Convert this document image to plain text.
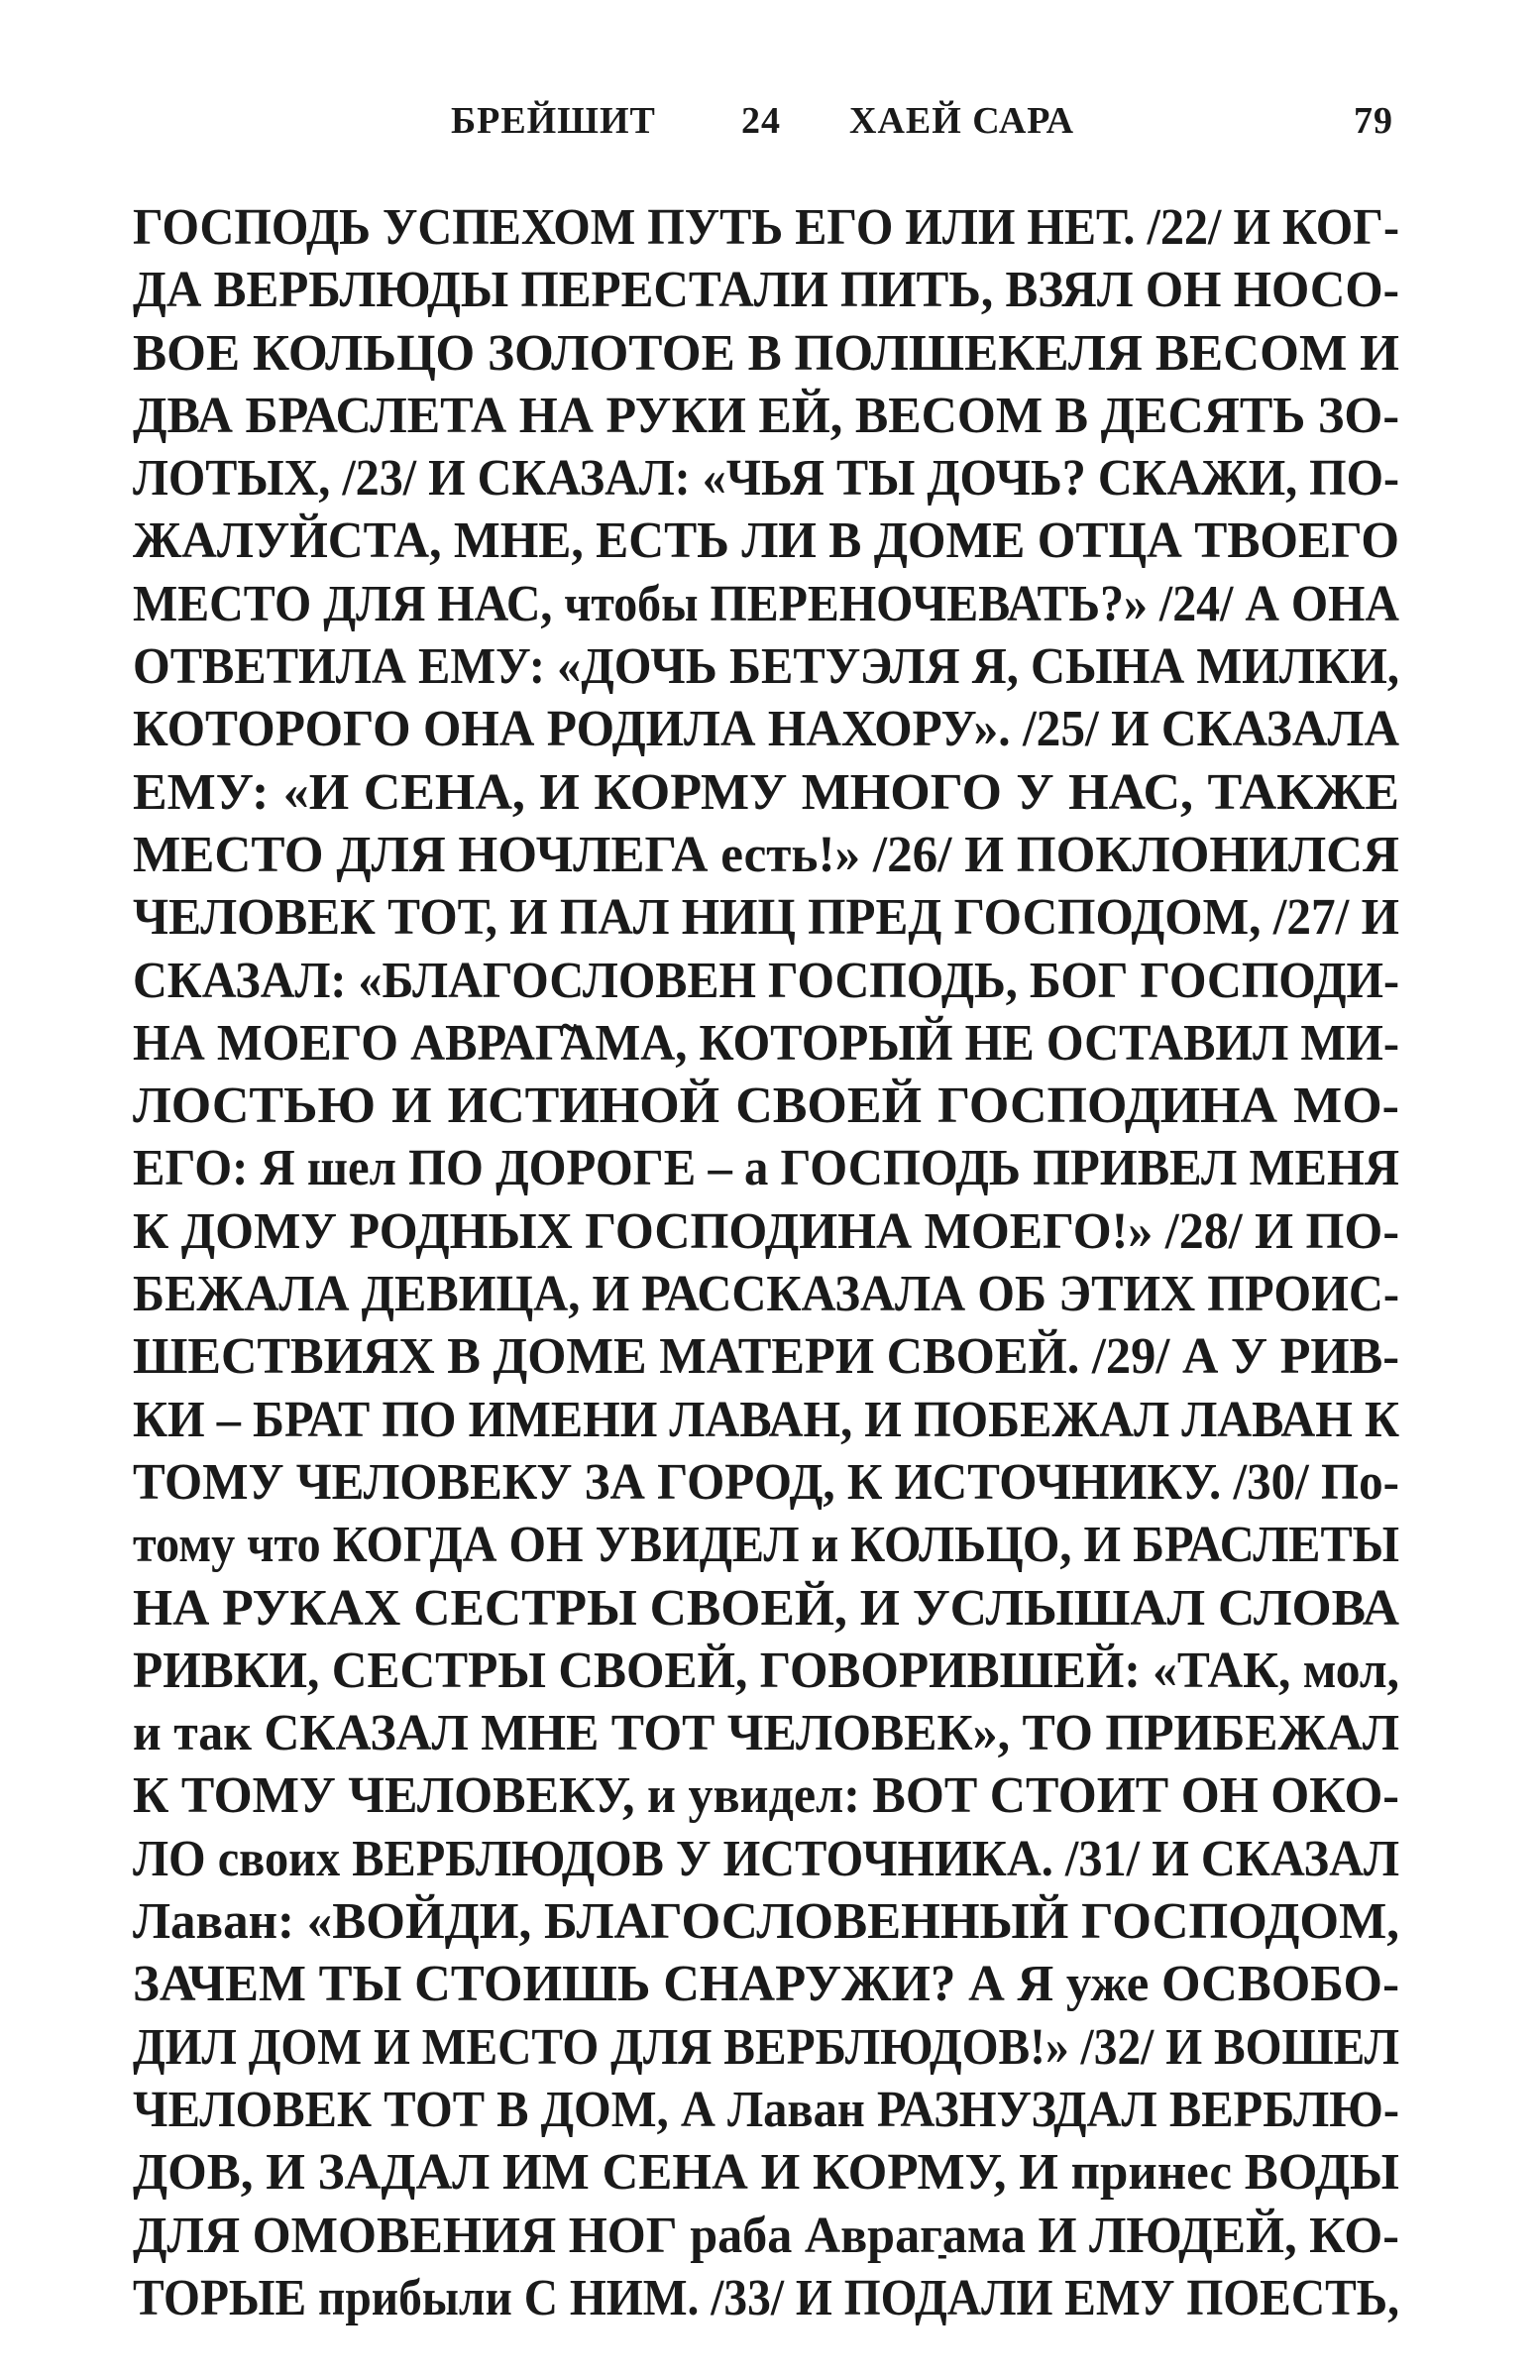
БРЕЙШИТ 24 ХАЕЙ САРА	79
ГОСПОДЬ УСПЕХОМ ПУТЬ ЕГО ИЛИ НЕТ. /22/ И КОГ-
ДА ВЕРБЛЮДЫ ПЕРЕСТАЛИ ПИТЬ, ВЗЯЛ ОН НОСО-
ВОЕ КОЛЬЦО ЗОЛОТОЕ В ПОЛШЕКЕЛЯ ВЕСОМ И
ДВА БРАСЛЕТА НА РУКИ ЕЙ, ВЕСОМ В ДЕСЯТЬ ЗО-
ЛОТЫХ, /23/ И СКАЗАЛ: «ЧЬЯ ТЫ ДОЧЬ? СКАЖИ, ПО-
ЖАЛУЙСТА, МНЕ, ЕСТЬ ЛИ В ДОМЕ ОТЦА ТВОЕГО
МЕСТО ДЛЯ НАС, чтобы ПЕРЕНОЧЕВАТЬ?» /24/ А ОНА
ОТВЕТИЛА ЕМУ: «ДОЧЬ БЕТУЭЛЯ Я, СЫНА МИЛКИ,
КОТОРОГО ОНА РОДИЛА НАХОРУ». /25/ И СКАЗАЛА
ЕМУ: «И СЕНА, И КОРМУ МНОГО У НАС, ТАКЖЕ
МЕСТО ДЛЯ НОЧЛЕГА есть!» /26/ И ПОКЛОНИЛСЯ
ЧЕЛОВЕК ТОТ, И ПАЛ НИЦ ПРЕД ГОСПОДОМ, /27/ И
СКАЗАЛ: «БЛАГОСЛОВЕН ГОСПОДЬ, БОГ ГОСПОДИ-
НА МОЕГО АВРАГ̃АМА, КОТОРЫЙ НЕ ОСТАВИЛ МИ-
ЛОСТЬЮ И ИСТИНОЙ СВОЕЙ ГОСПОДИНА МО-
ЕГО: Я шел ПО ДОРОГЕ – а ГОСПОДЬ ПРИВЕЛ МЕНЯ
К ДОМУ РОДНЫХ ГОСПОДИНА МОЕГО!» /28/ И ПО-
БЕЖАЛА ДЕВИЦА, И РАССКАЗАЛА ОБ ЭТИХ ПРОИС-
ШЕСТВИЯХ В ДОМЕ МАТЕРИ СВОЕЙ. /29/ А У РИВ-
КИ – БРАТ ПО ИМЕНИ ЛАВАН, И ПОБЕЖАЛ ЛАВАН К
ТОМУ ЧЕЛОВЕКУ ЗА ГОРОД, К ИСТОЧНИКУ. /30/ По-
тому что КОГДА ОН УВИДЕЛ и КОЛЬЦО, И БРАСЛЕТЫ
НА РУКАХ СЕСТРЫ СВОЕЙ, И УСЛЫШАЛ СЛОВА
РИВКИ, СЕСТРЫ СВОЕЙ, ГОВОРИВШЕЙ: «ТАК, мол,
и так СКАЗАЛ МНЕ ТОТ ЧЕЛОВЕК», ТО ПРИБЕЖАЛ
К ТОМУ ЧЕЛОВЕКУ, и увидел: ВОТ СТОИТ ОН ОКО-
ЛО своих ВЕРБЛЮДОВ У ИСТОЧНИКА. /31/ И СКАЗАЛ
Лаван: «ВОЙДИ, БЛАГОСЛОВЕННЫЙ ГОСПОДОМ,
ЗАЧЕМ ТЫ СТОИШЬ СНАРУЖИ? А Я уже ОСВОБО-
ДИЛ ДОМ И МЕСТО ДЛЯ ВЕРБЛЮДОВ!» /32/ И ВОШЕЛ
ЧЕЛОВЕК ТОТ В ДОМ, А Лаван РАЗНУЗДАЛ ВЕРБЛЮ-
ДОВ, И ЗАДАЛ ИМ СЕНА И КОРМУ, И принес ВОДЫ
ДЛЯ ОМОВЕНИЯ НОГ раба Аврагַама И ЛЮДЕЙ, КО-
ТОРЫЕ прибыли С НИМ. /33/ И ПОДАЛИ ЕМУ ПОЕСТЬ,
